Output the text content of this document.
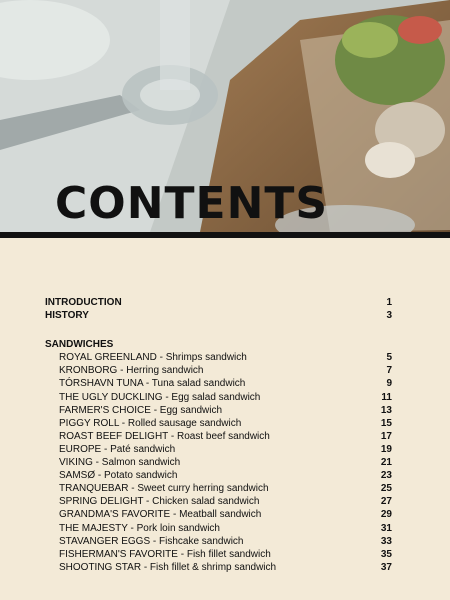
CONTENTS
INTRODUCTION	1
HISTORY	3
SANDWICHES
ROYAL GREENLAND - Shrimps sandwich	5
KRONBORG - Herring sandwich	7
TÓRSHAVN TUNA - Tuna salad sandwich	9
THE UGLY DUCKLING - Egg salad sandwich	11
FARMER'S CHOICE - Egg sandwich	13
PIGGY ROLL - Rolled sausage sandwich	15
ROAST BEEF DELIGHT - Roast beef sandwich	17
EUROPE - Paté sandwich	19
VIKING - Salmon sandwich	21
SAMSØ - Potato sandwich	23
TRANQUEBAR - Sweet curry herring sandwich	25
SPRING DELIGHT - Chicken salad sandwich	27
GRANDMA'S FAVORITE - Meatball sandwich	29
THE MAJESTY - Pork loin sandwich	31
STAVANGER EGGS - Fishcake sandwich	33
FISHERMAN'S FAVORITE - Fish fillet sandwich	35
SHOOTING STAR - Fish fillet & shrimp sandwich	37
